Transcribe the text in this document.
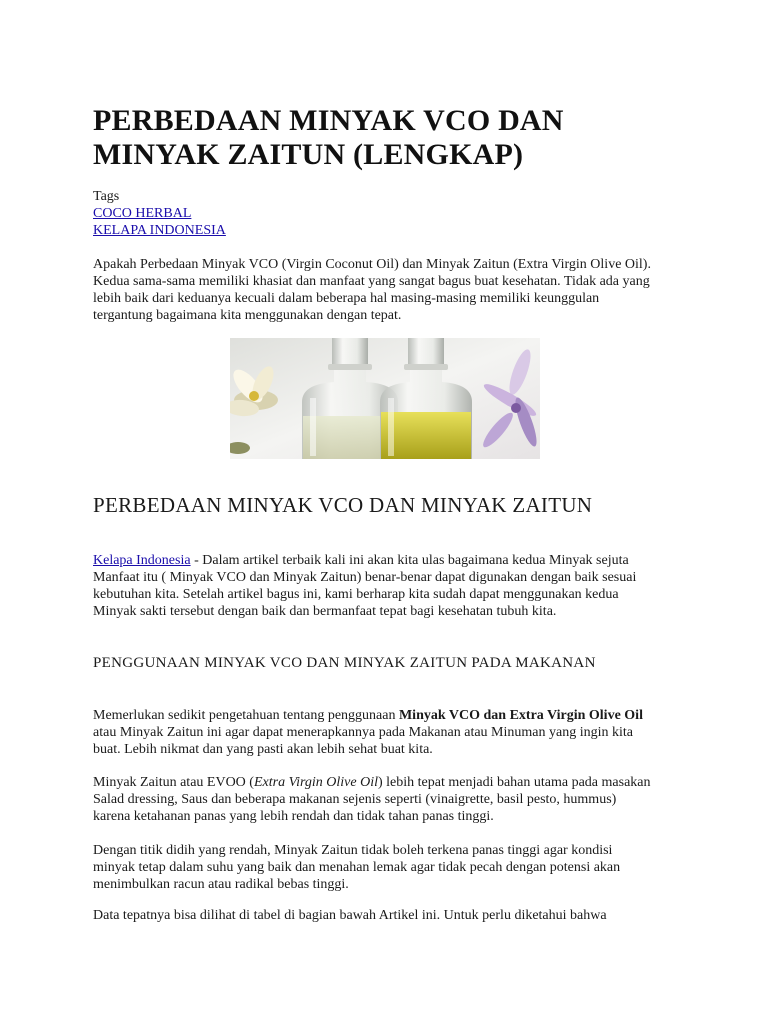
PERBEDAAN MINYAK VCO DAN MINYAK ZAITUN (LENGKAP)
Tags
COCO HERBAL
KELAPA INDONESIA

Apakah Perbedaan Minyak VCO (Virgin Coconut Oil) dan Minyak Zaitun (Extra Virgin Olive Oil). Kedua sama-sama memiliki khasiat dan manfaat yang sangat bagus buat kesehatan. Tidak ada yang lebih baik dari keduanya kecuali dalam beberapa hal masing-masing memiliki keunggulan tergantung bagaimana kita menggunakan dengan tepat.

PERBEDAAN MINYAK VCO DAN MINYAK ZAITUN

Kelapa Indonesia - Dalam artikel terbaik kali ini akan kita ulas bagaimana kedua Minyak sejuta Manfaat itu ( Minyak VCO dan Minyak Zaitun) benar-benar dapat digunakan dengan baik sesuai kebutuhan kita. Setelah artikel bagus ini, kami berharap kita sudah dapat menggunakan kedua Minyak sakti tersebut dengan baik dan bermanfaat tepat bagi kesehatan tubuh kita.

PENGGUNAAN MINYAK VCO DAN MINYAK ZAITUN PADA MAKANAN

Memerlukan sedikit pengetahuan tentang penggunaan Minyak VCO dan Extra Virgin Olive Oil atau Minyak Zaitun ini agar dapat menerapkannya pada Makanan atau Minuman yang ingin kita buat. Lebih nikmat dan yang pasti akan lebih sehat buat kita.

Minyak Zaitun atau EVOO (Extra Virgin Olive Oil) lebih tepat menjadi bahan utama pada masakan Salad dressing, Saus dan beberapa makanan sejenis seperti (vinaigrette, basil pesto, hummus) karena ketahanan panas yang lebih rendah dan tidak tahan panas tinggi.

Dengan titik didih yang rendah, Minyak Zaitun tidak boleh terkena panas tinggi agar kondisi minyak tetap dalam suhu yang baik dan menahan lemak agar tidak pecah dengan potensi akan menimbulkan racun atau radikal bebas tinggi.

Data tepatnya bisa dilihat di tabel di bagian bawah Artikel ini. Untuk perlu diketahui bahwa
